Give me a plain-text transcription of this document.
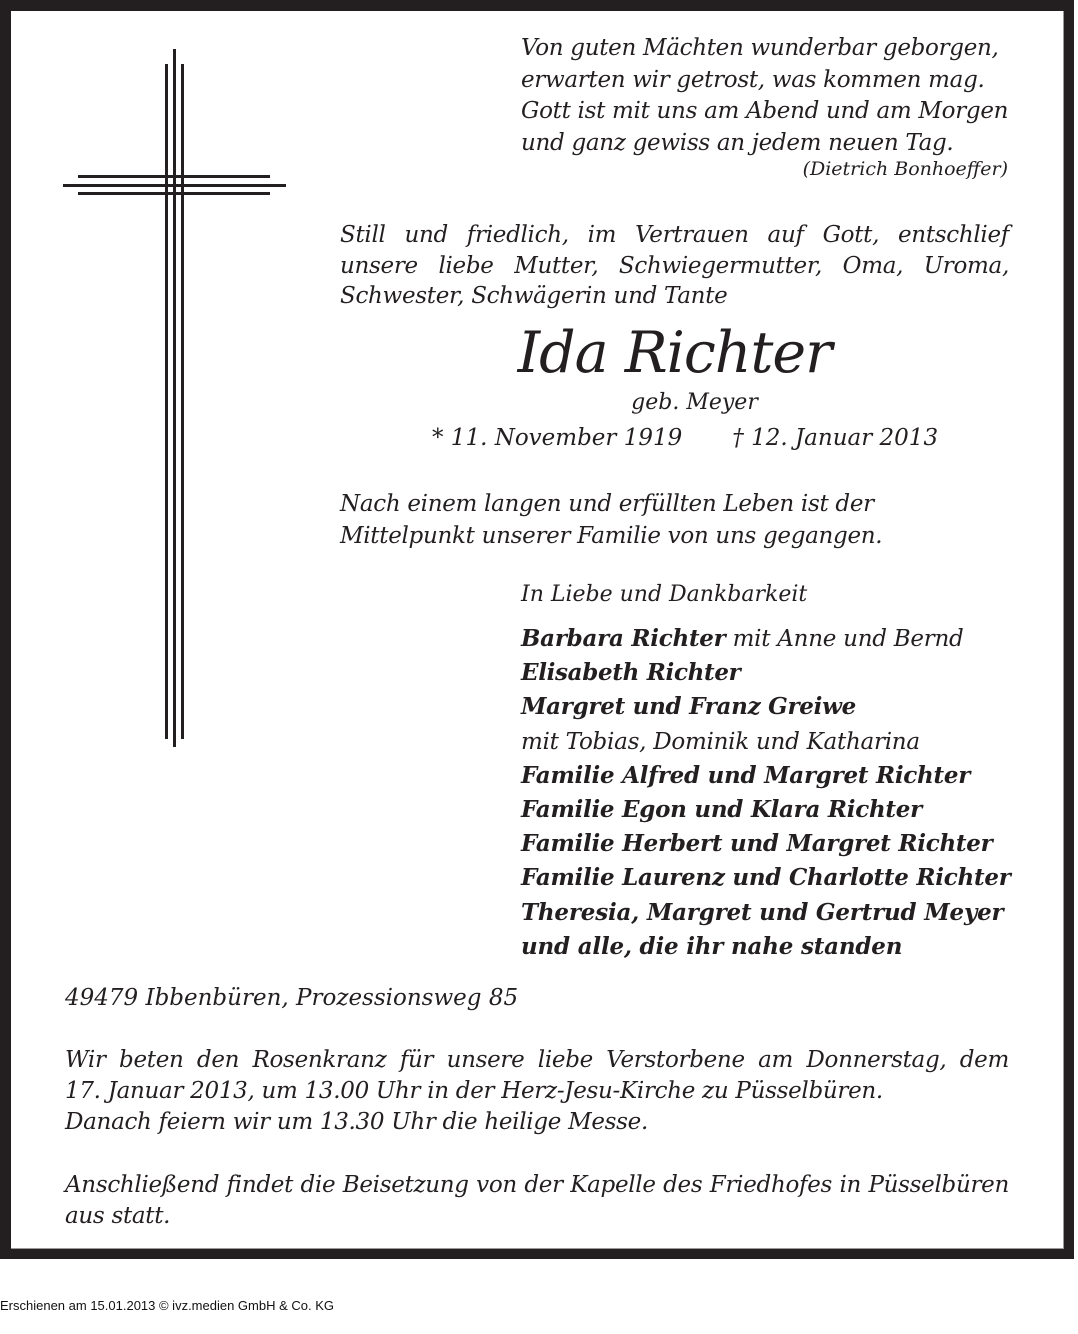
Von guten Mächten wunderbar geborgen,
erwarten wir getrost, was kommen mag.
Gott ist mit uns am Abend und am Morgen
und ganz gewiss an jedem neuen Tag.
(Dietrich Bonhoeffer)
Still und friedlich, im Vertrauen auf Gott, entschlief unsere liebe Mutter, Schwiegermutter, Oma, Uroma, Schwester, Schwägerin und Tante
Ida Richter
geb. Meyer
* 11. November 1919 † 12. Januar 2013
Nach einem langen und erfüllten Leben ist der Mittelpunkt unserer Familie von uns gegangen.
In Liebe und Dankbarkeit
Barbara Richter mit Anne und Bernd
Elisabeth Richter
Margret und Franz Greiwe
mit Tobias, Dominik und Katharina
Familie Alfred und Margret Richter
Familie Egon und Klara Richter
Familie Herbert und Margret Richter
Familie Laurenz und Charlotte Richter
Theresia, Margret und Gertrud Meyer
und alle, die ihr nahe standen
49479 Ibbenbüren, Prozessionsweg 85
Wir beten den Rosenkranz für unsere liebe Verstorbene am Donnerstag, dem
17. Januar 2013, um 13.00 Uhr in der Herz-Jesu-Kirche zu Püsselbüren.
Danach feiern wir um 13.30 Uhr die heilige Messe.
Anschließend findet die Beisetzung von der Kapelle des Friedhofes in Püsselbüren
aus statt.
Erschienen am 15.01.2013 © ivz.medien GmbH & Co. KG
